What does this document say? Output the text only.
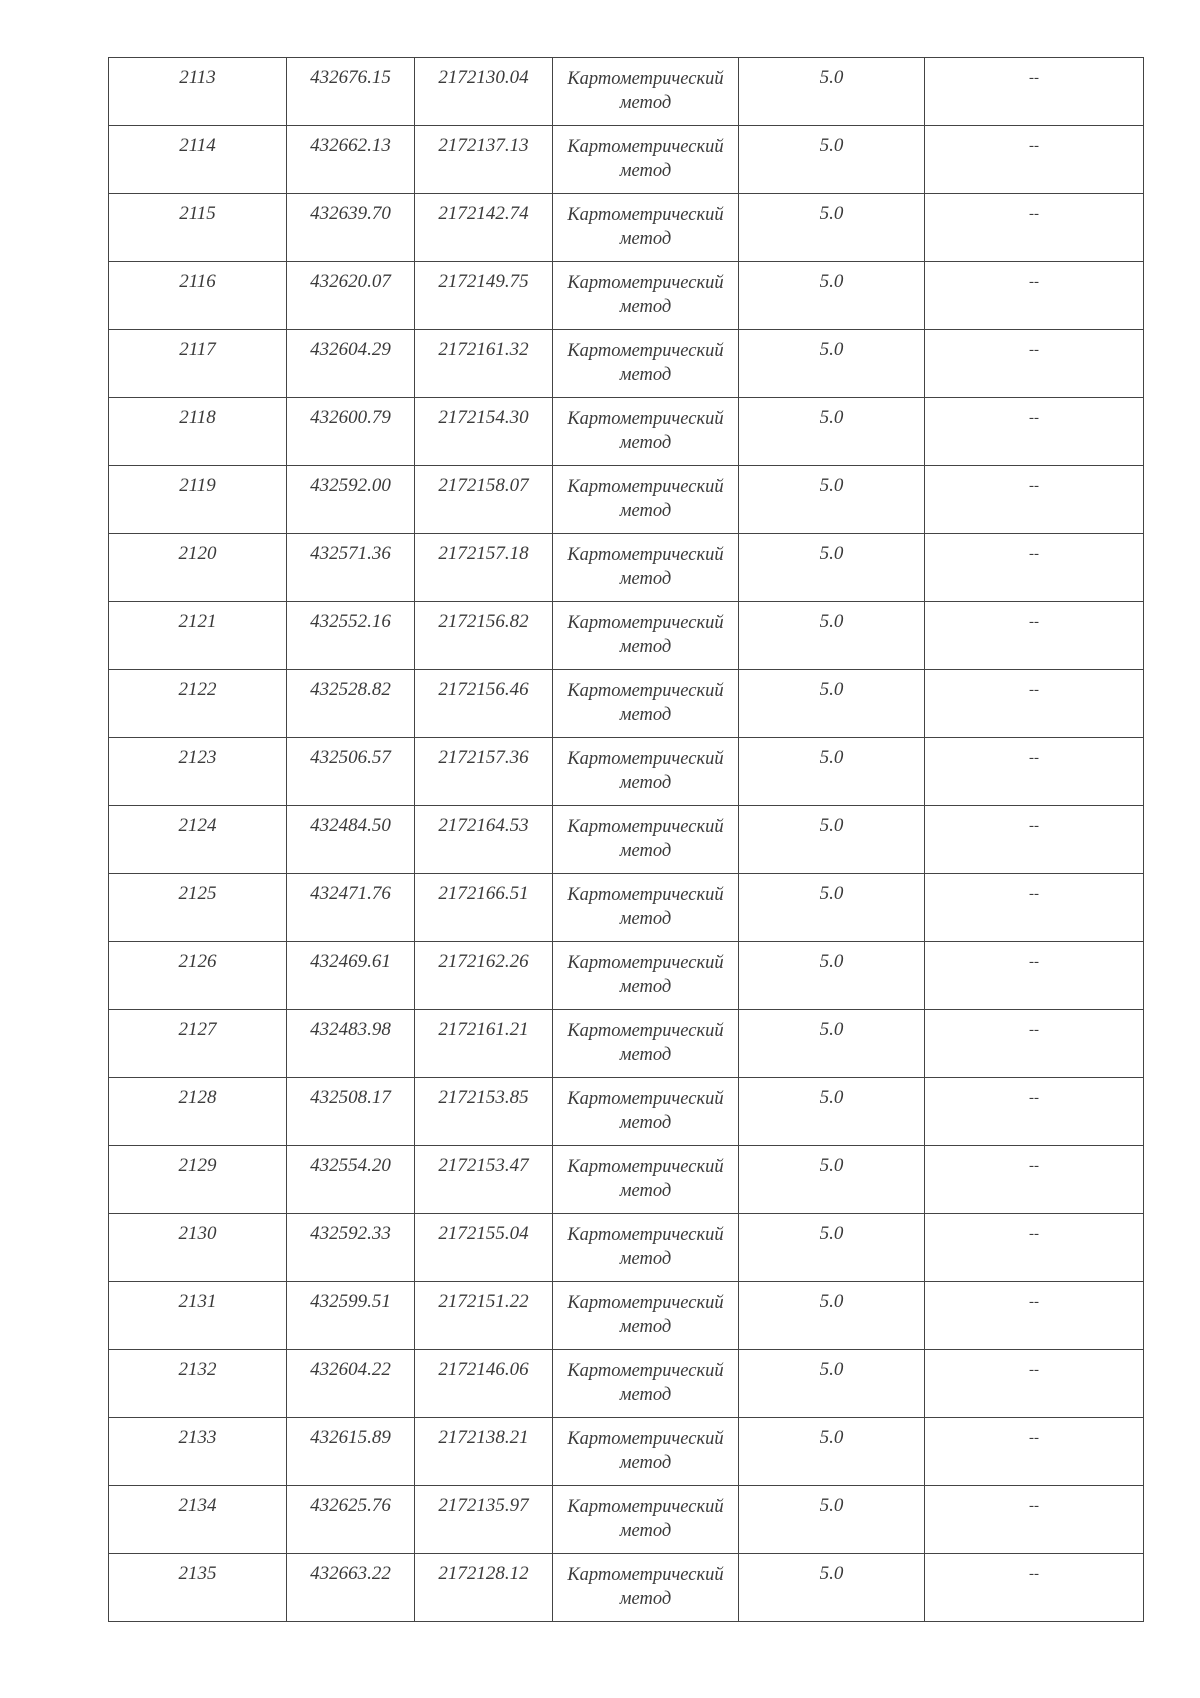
2113	432676.15	2172130.04	Картометрический метод	5.0	--
2114	432662.13	2172137.13	Картометрический метод	5.0	--
2115	432639.70	2172142.74	Картометрический метод	5.0	--
2116	432620.07	2172149.75	Картометрический метод	5.0	--
2117	432604.29	2172161.32	Картометрический метод	5.0	--
2118	432600.79	2172154.30	Картометрический метод	5.0	--
2119	432592.00	2172158.07	Картометрический метод	5.0	--
2120	432571.36	2172157.18	Картометрический метод	5.0	--
2121	432552.16	2172156.82	Картометрический метод	5.0	--
2122	432528.82	2172156.46	Картометрический метод	5.0	--
2123	432506.57	2172157.36	Картометрический метод	5.0	--
2124	432484.50	2172164.53	Картометрический метод	5.0	--
2125	432471.76	2172166.51	Картометрический метод	5.0	--
2126	432469.61	2172162.26	Картометрический метод	5.0	--
2127	432483.98	2172161.21	Картометрический метод	5.0	--
2128	432508.17	2172153.85	Картометрический метод	5.0	--
2129	432554.20	2172153.47	Картометрический метод	5.0	--
2130	432592.33	2172155.04	Картометрический метод	5.0	--
2131	432599.51	2172151.22	Картометрический метод	5.0	--
2132	432604.22	2172146.06	Картометрический метод	5.0	--
2133	432615.89	2172138.21	Картометрический метод	5.0	--
2134	432625.76	2172135.97	Картометрический метод	5.0	--
2135	432663.22	2172128.12	Картометрический метод	5.0	--
